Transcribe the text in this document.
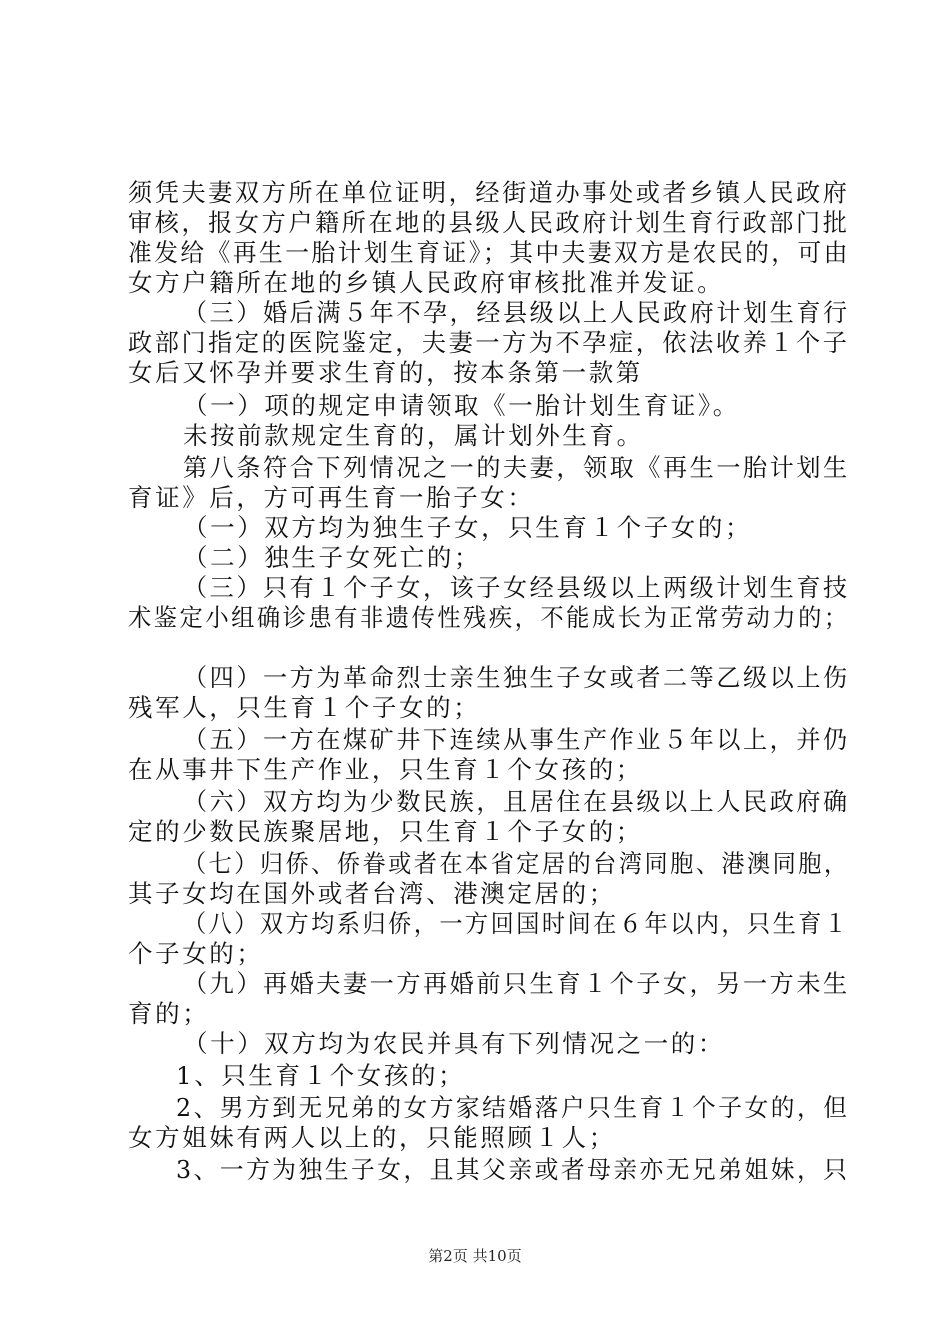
须凭夫妻双方所在单位证明，经街道办事处或者乡镇人民政府
审核，报女方户籍所在地的县级人民政府计划生育行政部门批
准发给《再生一胎计划生育证》；其中夫妻双方是农民的，可由
女方户籍所在地的乡镇人民政府审核批准并发证。
（三）婚后满５年不孕，经县级以上人民政府计划生育行
政部门指定的医院鉴定，夫妻一方为不孕症，依法收养１个子
女后又怀孕并要求生育的，按本条第一款第
（一）项的规定申请领取《一胎计划生育证》。
未按前款规定生育的，属计划外生育。
第八条符合下列情况之一的夫妻，领取《再生一胎计划生
育证》后，方可再生育一胎子女：
（一）双方均为独生子女，只生育１个子女的；
（二）独生子女死亡的；
（三）只有１个子女，该子女经县级以上两级计划生育技
术鉴定小组确诊患有非遗传性残疾，不能成长为正常劳动力的；
（四）一方为革命烈士亲生独生子女或者二等乙级以上伤
残军人，只生育１个子女的；
（五）一方在煤矿井下连续从事生产作业５年以上，并仍
在从事井下生产作业，只生育１个女孩的；
（六）双方均为少数民族，且居住在县级以上人民政府确
定的少数民族聚居地，只生育１个子女的；
（七）归侨、侨眷或者在本省定居的台湾同胞、港澳同胞，
其子女均在国外或者台湾、港澳定居的；
（八）双方均系归侨，一方回国时间在６年以内，只生育１
个子女的；
（九）再婚夫妻一方再婚前只生育１个子女，另一方未生
育的；
（十）双方均为农民并具有下列情况之一的：
1、只生育１个女孩的；
2、男方到无兄弟的女方家结婚落户只生育１个子女的，但
女方姐妹有两人以上的，只能照顾１人；
3、一方为独生子女，且其父亲或者母亲亦无兄弟姐妹，只
第2页 共10页
